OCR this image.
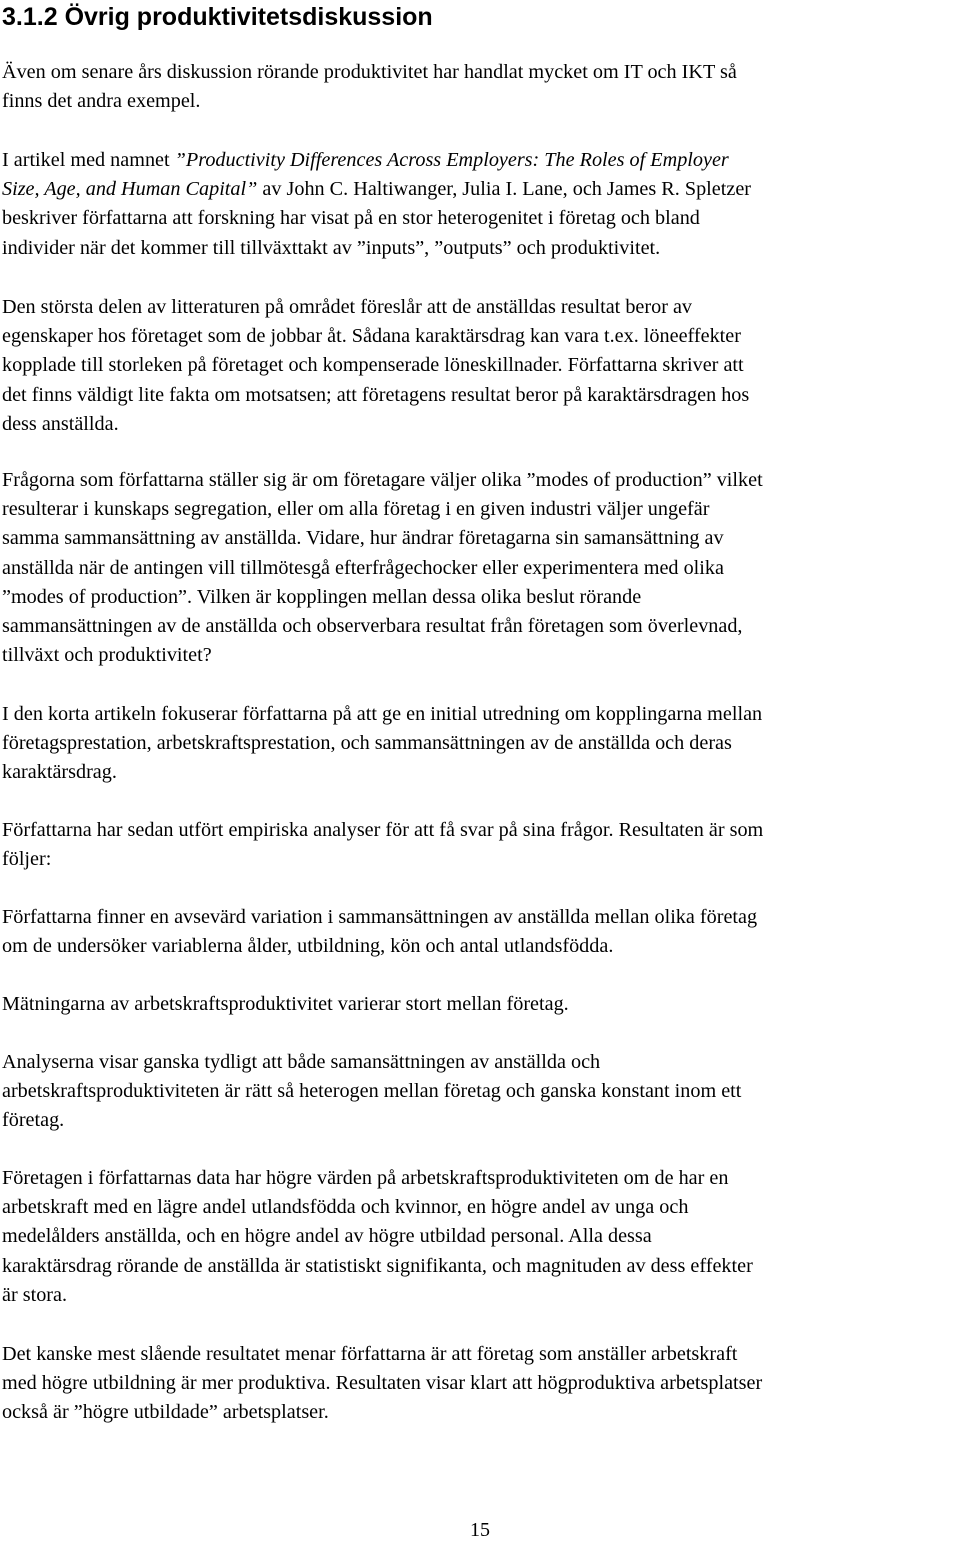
3.1.2 Övrig produktivitetsdiskussion

Även om senare års diskussion rörande produktivitet har handlat mycket om IT och IKT så
finns det andra exempel.

I artikel med namnet ”Productivity Differences Across Employers: The Roles of Employer
Size, Age, and Human Capital” av John C. Haltiwanger, Julia I. Lane, och James R. Spletzer
beskriver författarna att forskning har visat på en stor heterogenitet i företag och bland
individer när det kommer till tillväxttakt av ”inputs”, ”outputs” och produktivitet.

Den största delen av litteraturen på området föreslår att de anställdas resultat beror av
egenskaper hos företaget som de jobbar åt. Sådana karaktärsdrag kan vara t.ex. löneeffekter
kopplade till storleken på företaget och kompenserade löneskillnader. Författarna skriver att
det finns väldigt lite fakta om motsatsen; att företagens resultat beror på karaktärsdragen hos
dess anställda.

Frågorna som författarna ställer sig är om företagare väljer olika ”modes of production” vilket
resulterar i kunskaps segregation, eller om alla företag i en given industri väljer ungefär
samma sammansättning av anställda. Vidare, hur ändrar företagarna sin samansättning av
anställda när de antingen vill tillmötesgå efterfrågechocker eller experimentera med olika
”modes of production”. Vilken är kopplingen mellan dessa olika beslut rörande
sammansättningen av de anställda och observerbara resultat från företagen som överlevnad,
tillväxt och produktivitet?

I den korta artikeln fokuserar författarna på att ge en initial utredning om kopplingarna mellan
företagsprestation, arbetskraftsprestation, och sammansättningen av de anställda och deras
karaktärsdrag.

Författarna har sedan utfört empiriska analyser för att få svar på sina frågor. Resultaten är som
följer:

Författarna finner en avsevärd variation i sammansättningen av anställda mellan olika företag
om de undersöker variablerna ålder, utbildning, kön och antal utlandsfödda.

Mätningarna av arbetskraftsproduktivitet varierar stort mellan företag.

Analyserna visar ganska tydligt att både samansättningen av anställda och
arbetskraftsproduktiviteten är rätt så heterogen mellan företag och ganska konstant inom ett
företag.

Företagen i författarnas data har högre värden på arbetskraftsproduktiviteten om de har en
arbetskraft med en lägre andel utlandsfödda och kvinnor, en högre andel av unga och
medelålders anställda, och en högre andel av högre utbildad personal. Alla dessa
karaktärsdrag rörande de anställda är statistiskt signifikanta, och magnituden av dess effekter
är stora.

Det kanske mest slående resultatet menar författarna är att företag som anställer arbetskraft
med högre utbildning är mer produktiva. Resultaten visar klart att högproduktiva arbetsplatser
också är ”högre utbildade” arbetsplatser.

15
